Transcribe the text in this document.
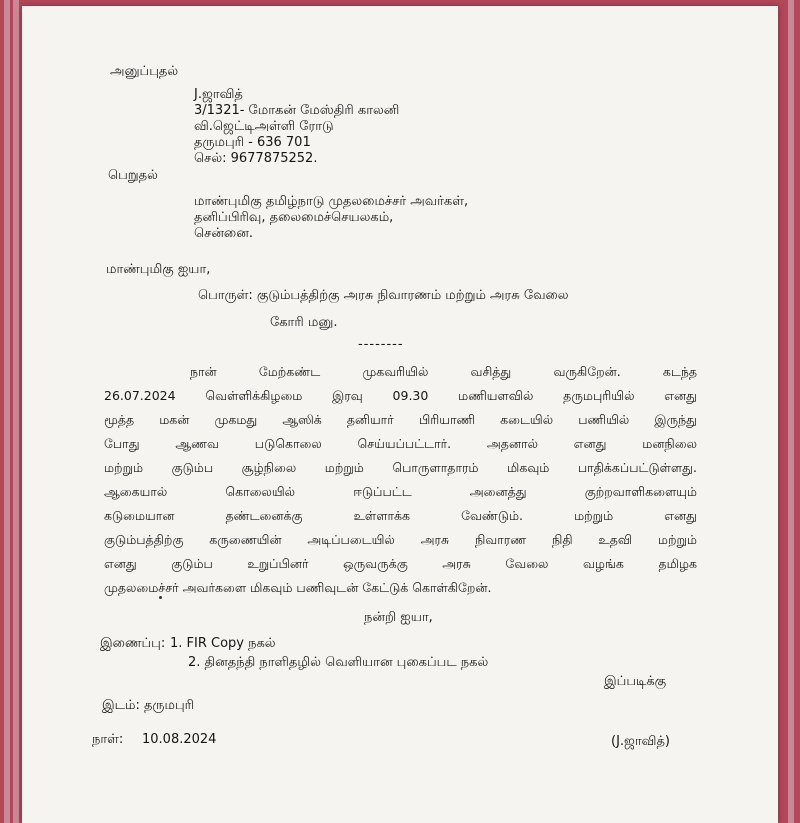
அனுப்புதல்
J.ஜாவித்
3/1321- மோகன் மேஸ்திரி காலனி
வி.ஜெட்டிஅள்ளி ரோடு
தருமபுரி - 636 701
செல்: 9677875252.
பெறுதல்
மாண்புமிகு தமிழ்நாடு முதலமைச்சர் அவர்கள்,
தனிப்பிரிவு, தலைமைச்செயலகம்,
சென்னை.
மாண்புமிகு ஐயா,
பொருள்: குடும்பத்திற்கு அரசு நிவாரணம் மற்றும் அரசு வேலை
கோரி மனு.
--------
நான் மேற்கண்ட முகவரியில் வசித்து வருகிறேன். கடந்த
26.07.2024 வெள்ளிக்கிழமை இரவு 09.30 மணியளவில் தருமபுரியில் எனது
மூத்த மகன் முகமது ஆஸிக் தனியார் பிரியாணி கடையில் பணியில் இருந்து
போது ஆணவ படுகொலை செய்யப்பட்டார். அதனால் எனது மனநிலை
மற்றும் குடும்ப சூழ்நிலை மற்றும் பொருளாதாரம் மிகவும் பாதிக்கப்பட்டுள்ளது.
ஆகையால் கொலையில் ஈடுப்பட்ட அனைத்து குற்றவாளிகளையும்
கடுமையான தண்டனைக்கு உள்ளாக்க வேண்டும். மற்றும் எனது
குடும்பத்திற்கு கருணையின் அடிப்படையில் அரசு நிவாரண நிதி உதவி மற்றும்
எனது குடும்ப உறுப்பினர் ஒருவருக்கு அரசு வேலை வழங்க தமிழக
முதலமைச்சர் அவர்களை மிகவும் பணிவுடன் கேட்டுக் கொள்கிறேன்.
நன்றி ஐயா,
இணைப்பு: 1. FIR Copy நகல்
2. தினதந்தி நாளிதழில் வெளியான புகைப்பட நகல்
இப்படிக்கு
இடம்: தருமபுரி
நாள்: 10.08.2024	(J.ஜாவித்)
